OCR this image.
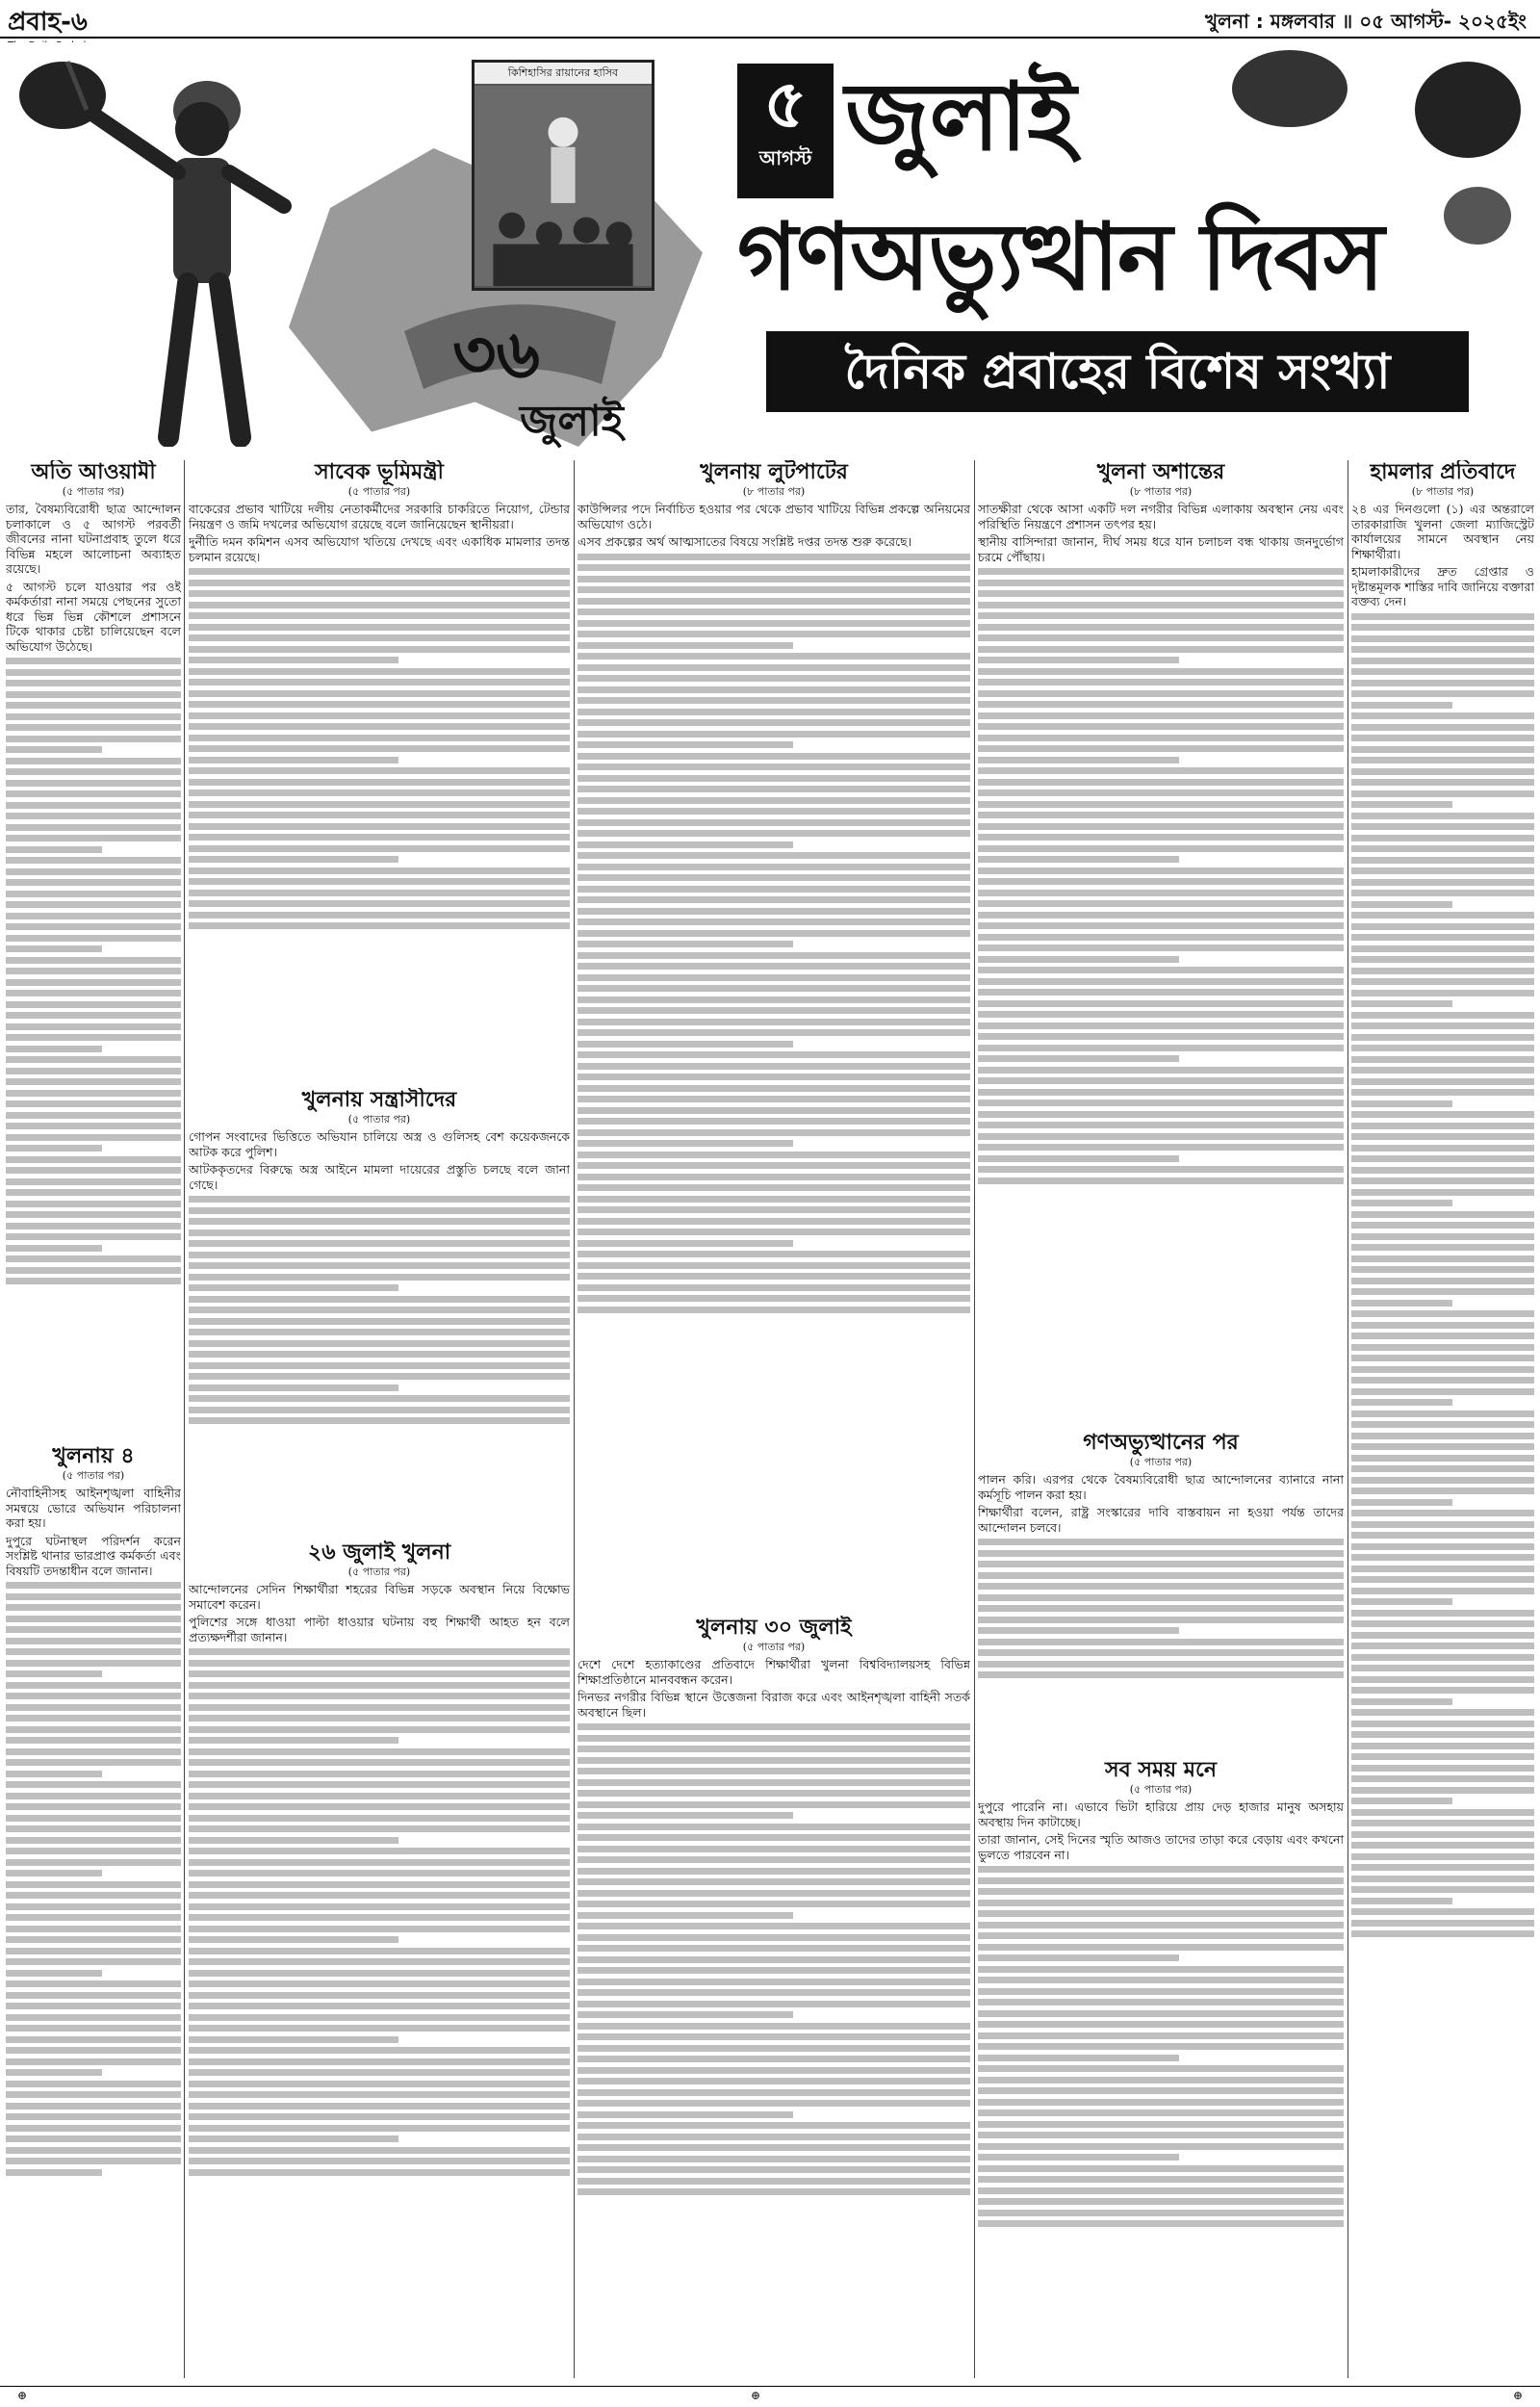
প্রবাহ-৬	খুলনা : মঙ্গলবার ॥ ০৫ আগস্ট- ২০২৫ইং
কিশিহাসির রায়ানের হাসিব
৩৬
জুলাই
৫
আগস্ট জুলাই
গণঅভ্যুত্থান দিবস
দৈনিক প্রবাহের বিশেষ সংখ্যা
অতি আওয়ামী
(৫ পাতার পর)

তার, বৈষম্যবিরোধী ছাত্র আন্দোলন চলাকালে ও ৫ আগস্ট পরবর্তী জীবনের নানা ঘটনাপ্রবাহ তুলে ধরে বিভিন্ন মহলে আলোচনা অব্যাহত রয়েছে।

৫ আগস্ট চলে যাওয়ার পর ওই কর্মকর্তারা নানা সময়ে পেছনের সুতো ধরে ভিন্ন ভিন্ন কৌশলে প্রশাসনে টিকে থাকার চেষ্টা চালিয়েছেন বলে অভিযোগ উঠেছে।

খুলনায় ৪
(৫ পাতার পর)

নৌবাহিনীসহ আইনশৃঙ্খলা বাহিনীর সমন্বয়ে ভোরে অভিযান পরিচালনা করা হয়।

দুপুরে ঘটনাস্থল পরিদর্শন করেন সংশ্লিষ্ট থানার ভারপ্রাপ্ত কর্মকর্তা এবং বিষয়টি তদন্তাধীন বলে জানান।

সাবেক ভূমিমন্ত্রী
(৫ পাতার পর)

বাকেরের প্রভাব খাটিয়ে দলীয় নেতাকর্মীদের সরকারি চাকরিতে নিয়োগ, টেন্ডার নিয়ন্ত্রণ ও জমি দখলের অভিযোগ রয়েছে বলে জানিয়েছেন স্থানীয়রা।

দুর্নীতি দমন কমিশন এসব অভিযোগ খতিয়ে দেখছে এবং একাধিক মামলার তদন্ত চলমান রয়েছে।

খুলনায় সন্ত্রাসীদের
(৫ পাতার পর)

গোপন সংবাদের ভিত্তিতে অভিযান চালিয়ে অস্ত্র ও গুলিসহ বেশ কয়েকজনকে আটক করে পুলিশ।

আটককৃতদের বিরুদ্ধে অস্ত্র আইনে মামলা দায়েরের প্রস্তুতি চলছে বলে জানা গেছে।

২৬ জুলাই খুলনা
(৫ পাতার পর)

আন্দোলনের সেদিন শিক্ষার্থীরা শহরের বিভিন্ন সড়কে অবস্থান নিয়ে বিক্ষোভ সমাবেশ করেন।

পুলিশের সঙ্গে ধাওয়া পাল্টা ধাওয়ার ঘটনায় বহু শিক্ষার্থী আহত হন বলে প্রত্যক্ষদর্শীরা জানান।

খুলনায় লুটপাটের
(৮ পাতার পর)

কাউন্সিলর পদে নির্বাচিত হওয়ার পর থেকে প্রভাব খাটিয়ে বিভিন্ন প্রকল্পে অনিয়মের অভিযোগ ওঠে।

এসব প্রকল্পের অর্থ আত্মসাতের বিষয়ে সংশ্লিষ্ট দপ্তর তদন্ত শুরু করেছে।

খুলনায় ৩০ জুলাই
(৫ পাতার পর)

দেশে দেশে হত্যাকাণ্ডের প্রতিবাদে শিক্ষার্থীরা খুলনা বিশ্ববিদ্যালয়সহ বিভিন্ন শিক্ষাপ্রতিষ্ঠানে মানববন্ধন করেন।

দিনভর নগরীর বিভিন্ন স্থানে উত্তেজনা বিরাজ করে এবং আইনশৃঙ্খলা বাহিনী সতর্ক অবস্থানে ছিল।

খুলনা অশান্তের
(৮ পাতার পর)

সাতক্ষীরা থেকে আসা একটি দল নগরীর বিভিন্ন এলাকায় অবস্থান নেয় এবং পরিস্থিতি নিয়ন্ত্রণে প্রশাসন তৎপর হয়।

স্থানীয় বাসিন্দারা জানান, দীর্ঘ সময় ধরে যান চলাচল বন্ধ থাকায় জনদুর্ভোগ চরমে পৌঁছায়।

গণঅভ্যুত্থানের পর
(৫ পাতার পর)

পালন করি। এরপর থেকে বৈষম্যবিরোধী ছাত্র আন্দোলনের ব্যানারে নানা কর্মসূচি পালন করা হয়।

শিক্ষার্থীরা বলেন, রাষ্ট্র সংস্কারের দাবি বাস্তবায়ন না হওয়া পর্যন্ত তাদের আন্দোলন চলবে।

সব সময় মনে
(৫ পাতার পর)

দুপুরে পারেনি না। এভাবে ভিটা হারিয়ে প্রায় দেড় হাজার মানুষ অসহায় অবস্থায় দিন কাটাচ্ছে।

তারা জানান, সেই দিনের স্মৃতি আজও তাদের তাড়া করে বেড়ায় এবং কখনো ভুলতে পারবেন না।

হামলার প্রতিবাদে
(৮ পাতার পর)

২৪ এর দিনগুলো (১) এর অন্তরালে তারকারাজি খুলনা জেলা ম্যাজিস্ট্রেট কার্যালয়ের সামনে অবস্থান নেয় শিক্ষার্থীরা।

হামলাকারীদের দ্রুত গ্রেপ্তার ও দৃষ্টান্তমূলক শাস্তির দাবি জানিয়ে বক্তারা বক্তব্য দেন।

⊕	⊕	⊕
